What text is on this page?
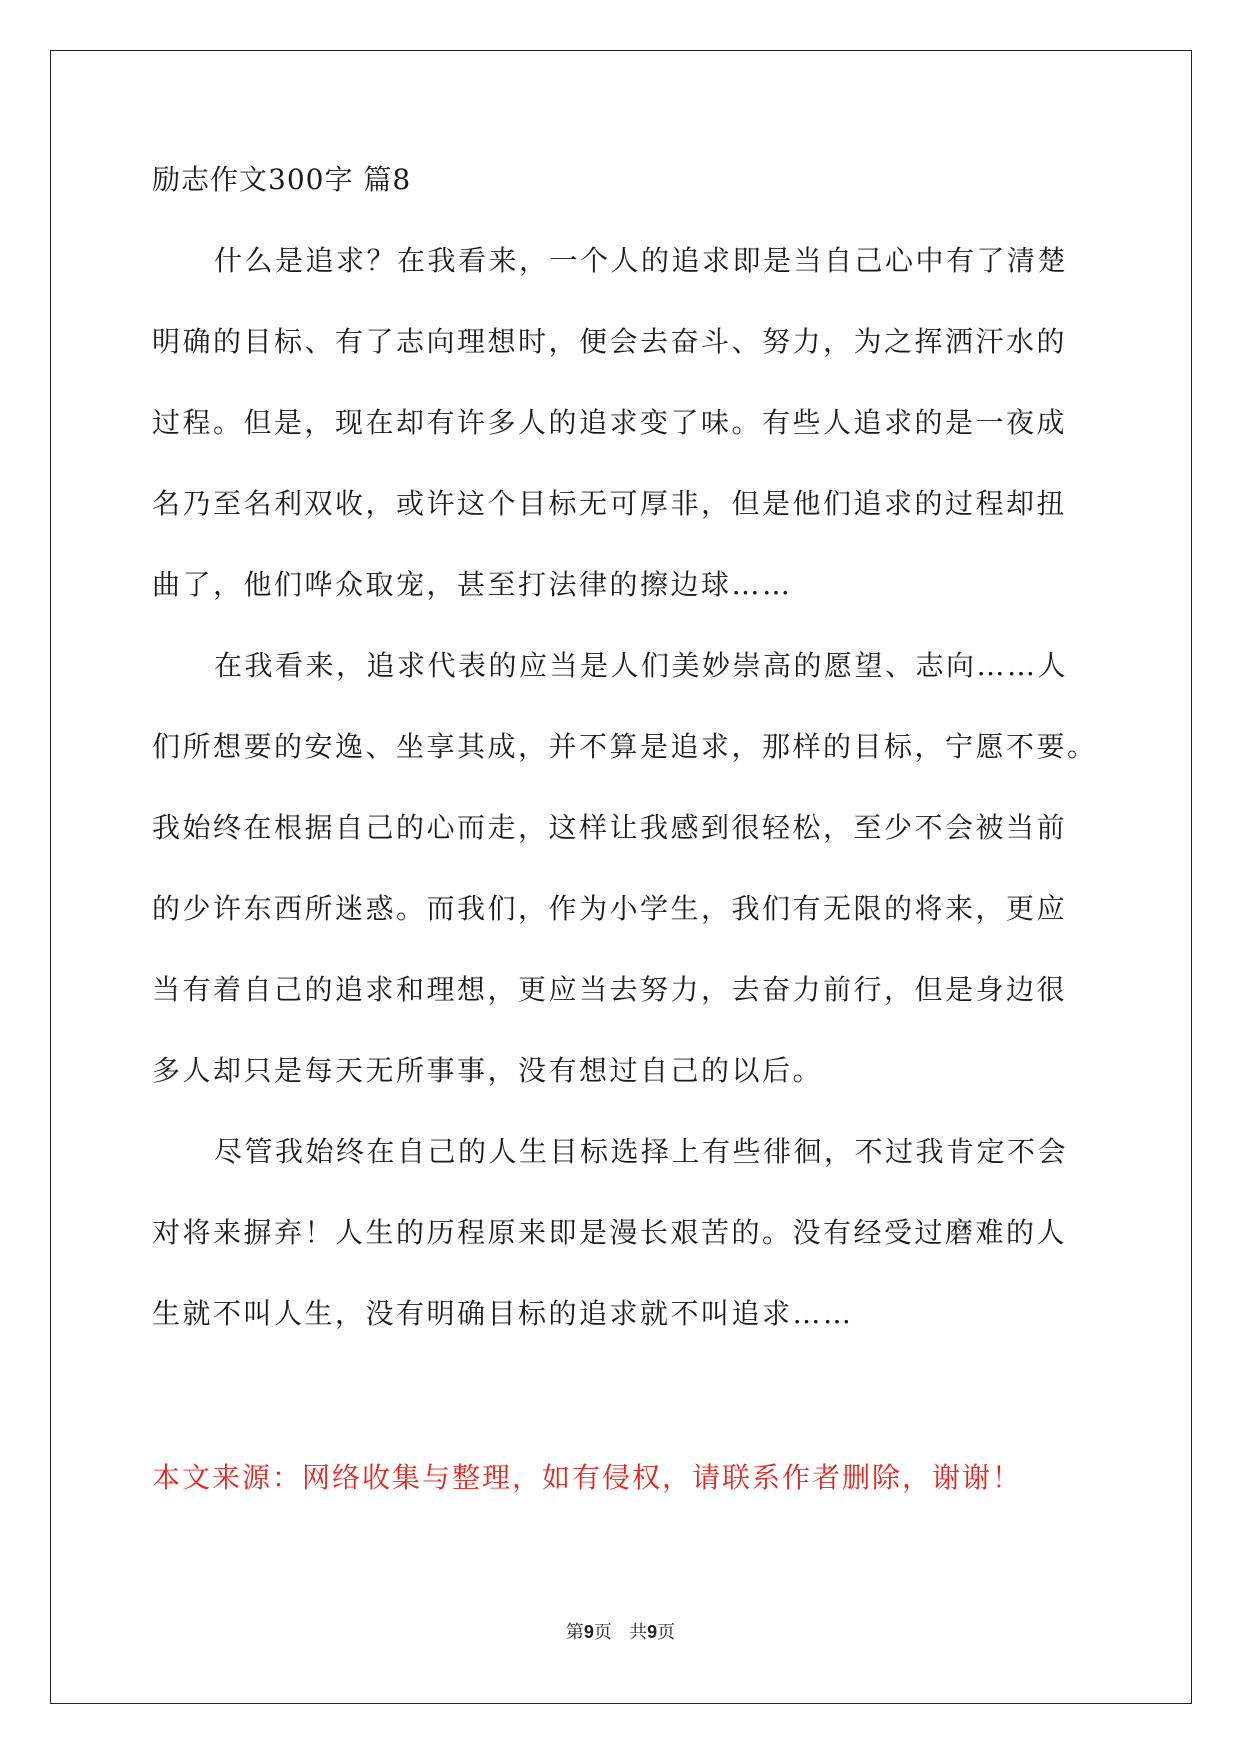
励志作文300字 篇8
什么是追求？在我看来，一个人的追求即是当自己心中有了清楚
明确的目标、有了志向理想时，便会去奋斗、努力，为之挥洒汗水的
过程。但是，现在却有许多人的追求变了味。有些人追求的是一夜成
名乃至名利双收，或许这个目标无可厚非，但是他们追求的过程却扭
曲了，他们哗众取宠，甚至打法律的擦边球……
在我看来，追求代表的应当是人们美妙崇高的愿望、志向……人
们所想要的安逸、坐享其成，并不算是追求，那样的目标，宁愿不要。
我始终在根据自己的心而走，这样让我感到很轻松，至少不会被当前
的少许东西所迷惑。而我们，作为小学生，我们有无限的将来，更应
当有着自己的追求和理想，更应当去努力，去奋力前行，但是身边很
多人却只是每天无所事事，没有想过自己的以后。
尽管我始终在自己的人生目标选择上有些徘徊，不过我肯定不会
对将来摒弃！人生的历程原来即是漫长艰苦的。没有经受过磨难的人
生就不叫人生，没有明确目标的追求就不叫追求……

本文来源：网络收集与整理，如有侵权，请联系作者删除，谢谢！

第9页   共9页
